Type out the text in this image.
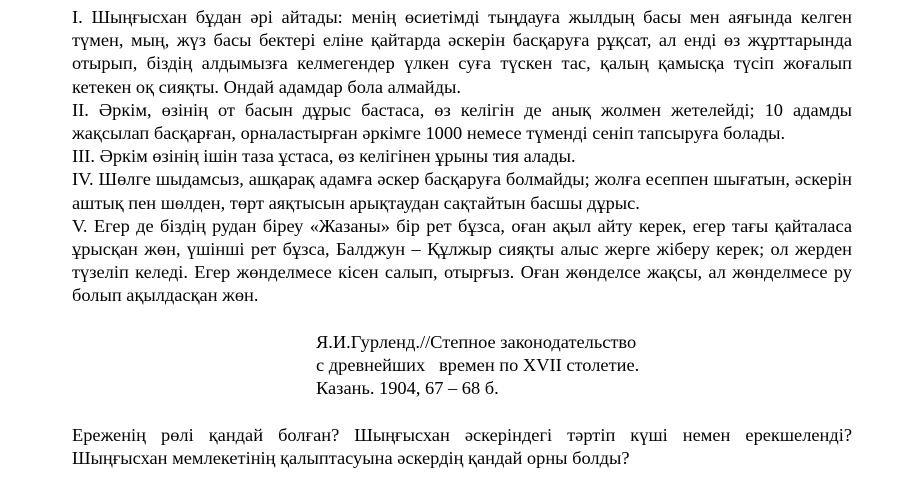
I. Шыңғысхан бұдан әрі айтады: менің өсиетімді тыңдауға жылдың басы мен аяғында келген түмен, мың, жүз басы бектері еліне қайтарда әскерін басқаруға рұқсат, ал енді өз жұрттарында отырып, біздің алдымызға келмегендер үлкен суға түскен тас, қалың қамысқа түсіп жоғалып кетекен оқ сияқты. Ондай адамдар бола алмайды.

II. Әркім, өзінің от басын дұрыс бастаса, өз келігін де анық жолмен жетелейді; 10 адамды жақсылап басқарған, орналастырған әркімге 1000 немесе түменді сеніп тапсыруға болады.

III. Әркім өзінің ішін таза ұстаса, өз келігінен ұрыны тия алады.

IV. Шөлге шыдамсыз, ашқарақ адамға әскер басқаруға болмайды; жолға есеппен шығатын, әскерін аштық пен шөлден, төрт аяқтысын арықтаудан сақтайтын басшы дұрыс.

V. Егер де біздің рудан біреу «Жазаны» бір рет бұзса, оған ақыл айту керек, егер тағы қайталаса ұрысқан жөн, үшінші рет бұзса, Балджун – Құлжыр сияқты алыс жерге жіберу керек; ол жерден түзеліп келеді. Егер жөнделмесе кісен салып, отырғыз. Оған жөнделсе жақсы, ал жөнделмесе ру болып ақылдасқан жөн.

Я.И.Гурленд.//Степное законодательство
с древнейших   времен по XVII столетие.
Казань. 1904, 67 – 68 б.

Ереженің рөлі қандай болған? Шыңғысхан әскеріндегі тәртіп күші немен ерекшеленді? Шыңғысхан мемлекетінің қалыптасуына әскердің қандай орны болды?
